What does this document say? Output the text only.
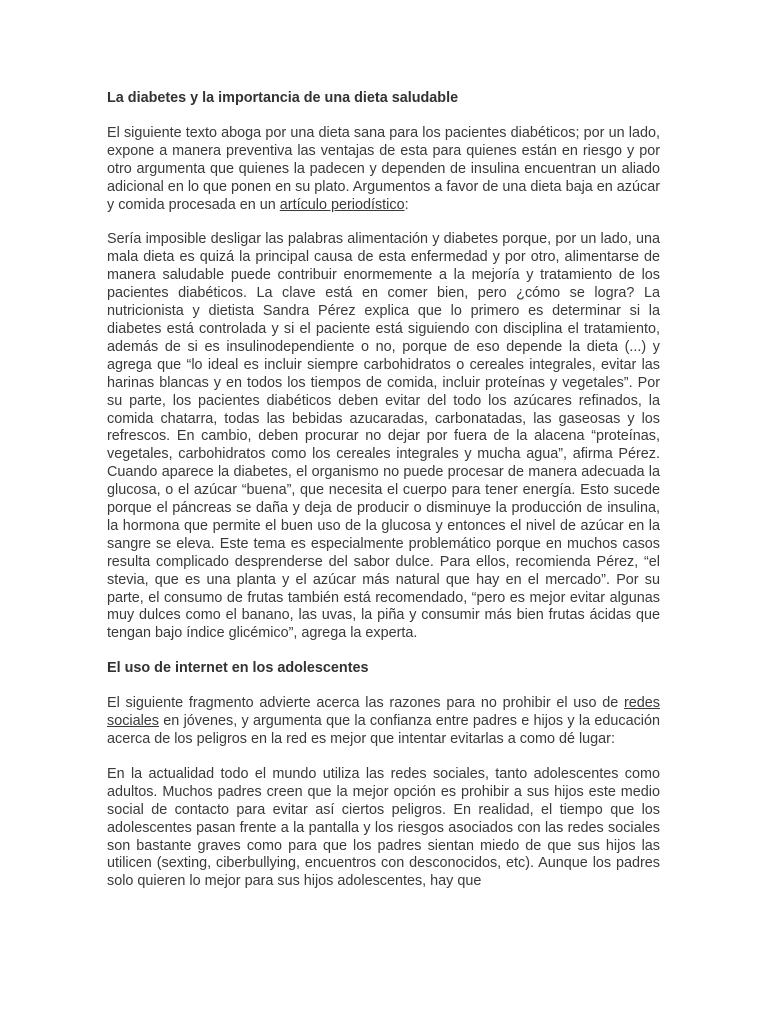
La diabetes y la importancia de una dieta saludable

El siguiente texto aboga por una dieta sana para los pacientes diabéticos; por un lado, expone a manera preventiva las ventajas de esta para quienes están en riesgo y por otro argumenta que quienes la padecen y dependen de insulina encuentran un aliado adicional en lo que ponen en su plato. Argumentos a favor de una dieta baja en azúcar y comida procesada en un artículo periodístico:

Sería imposible desligar las palabras alimentación y diabetes porque, por un lado, una mala dieta es quizá la principal causa de esta enfermedad y por otro, alimentarse de manera saludable puede contribuir enormemente a la mejoría y tratamiento de los pacientes diabéticos. La clave está en comer bien, pero ¿cómo se logra? La nutricionista y dietista Sandra Pérez explica que lo primero es determinar si la diabetes está controlada y si el paciente está siguiendo con disciplina el tratamiento, además de si es insulinodependiente o no, porque de eso depende la dieta (...) y agrega que “lo ideal es incluir siempre carbohidratos o cereales integrales, evitar las harinas blancas y en todos los tiempos de comida, incluir proteínas y vegetales”. Por su parte, los pacientes diabéticos deben evitar del todo los azúcares refinados, la comida chatarra, todas las bebidas azucaradas, carbonatadas, las gaseosas y los refrescos. En cambio, deben procurar no dejar por fuera de la alacena “proteínas, vegetales, carbohidratos como los cereales integrales y mucha agua”, afirma Pérez. Cuando aparece la diabetes, el organismo no puede procesar de manera adecuada la glucosa, o el azúcar “buena”, que necesita el cuerpo para tener energía. Esto sucede porque el páncreas se daña y deja de producir o disminuye la producción de insulina, la hormona que permite el buen uso de la glucosa y entonces el nivel de azúcar en la sangre se eleva. Este tema es especialmente problemático porque en muchos casos resulta complicado desprenderse del sabor dulce. Para ellos, recomienda Pérez, “el stevia, que es una planta y el azúcar más natural que hay en el mercado”. Por su parte, el consumo de frutas también está recomendado, “pero es mejor evitar algunas muy dulces como el banano, las uvas, la piña y consumir más bien frutas ácidas que tengan bajo índice glicémico”, agrega la experta.

El uso de internet en los adolescentes

El siguiente fragmento advierte acerca las razones para no prohibir el uso de redes sociales en jóvenes, y argumenta que la confianza entre padres e hijos y la educación acerca de los peligros en la red es mejor que intentar evitarlas a como dé lugar:

En la actualidad todo el mundo utiliza las redes sociales, tanto adolescentes como adultos. Muchos padres creen que la mejor opción es prohibir a sus hijos este medio social de contacto para evitar así ciertos peligros. En realidad, el tiempo que los adolescentes pasan frente a la pantalla y los riesgos asociados con las redes sociales son bastante graves como para que los padres sientan miedo de que sus hijos las utilicen (sexting, ciberbullying, encuentros con desconocidos, etc). Aunque los padres solo quieren lo mejor para sus hijos adolescentes, hay que
